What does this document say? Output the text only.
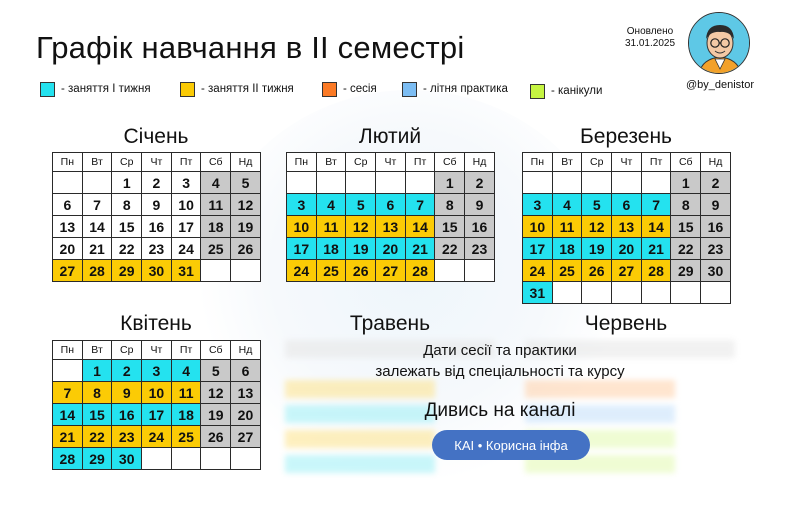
Графік навчання в ІІ семестрі
- заняття І тижня	- заняття ІІ тижня	- сесія	- літня практика	- канікули
Оновлено
31.01.2025
@by_denistor
Січень
Пн	Вт	Ср	Чт	Пт	Сб	Нд
		1	2	3	4	5
6	7	8	9	10	11	12
13	14	15	16	17	18	19
20	21	22	23	24	25	26
27	28	29	30	31		
Лютий
Пн	Вт	Ср	Чт	Пт	Сб	Нд
					1	2
3	4	5	6	7	8	9
10	11	12	13	14	15	16
17	18	19	20	21	22	23
24	25	26	27	28		
Березень
Пн	Вт	Ср	Чт	Пт	Сб	Нд
					1	2
3	4	5	6	7	8	9
10	11	12	13	14	15	16
17	18	19	20	21	22	23
24	25	26	27	28	29	30
31						
Квітень
Пн	Вт	Ср	Чт	Пт	Сб	Нд
	1	2	3	4	5	6
7	8	9	10	11	12	13
14	15	16	17	18	19	20
21	22	23	24	25	26	27
28	29	30				
Травень	Червень
Дати сесії та практики
залежать від спеціальності та курсу
Дивись на каналі
КАІ • Корисна інфа
